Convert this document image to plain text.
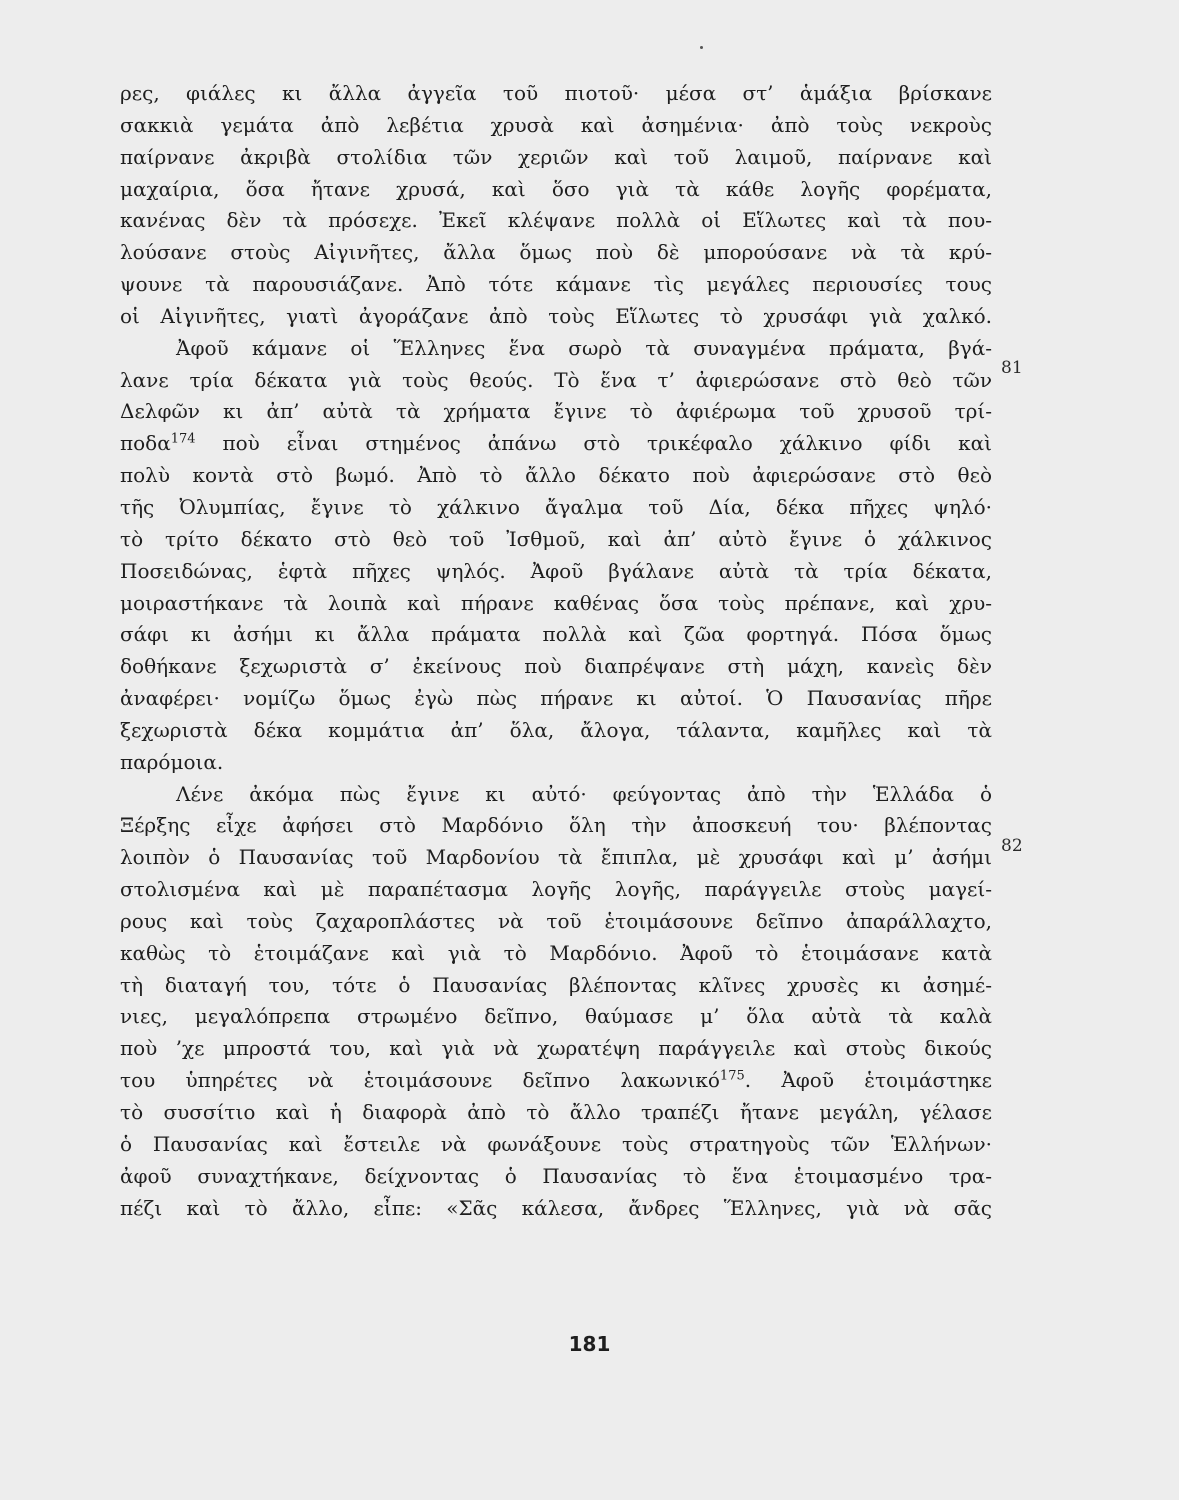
ρες, φιάλες κι ἄλλα ἀγγεῖα τοῦ πιοτοῦ· μέσα στ’ ἁμάξια βρίσκανε
σακκιὰ γεμάτα ἀπὸ λεβέτια χρυσὰ καὶ ἀσημένια· ἀπὸ τοὺς νεκροὺς
παίρνανε ἀκριβὰ στολίδια τῶν χεριῶν καὶ τοῦ λαιμοῦ, παίρνανε καὶ
μαχαίρια, ὅσα ἤτανε χρυσά, καὶ ὅσο γιὰ τὰ κάθε λογῆς φορέματα,
κανένας δὲν τὰ πρόσεχε. Ἐκεῖ κλέψανε πολλὰ οἱ Εἵλωτες καὶ τὰ που-
λούσανε στοὺς Αἰγινῆτες, ἄλλα ὅμως ποὺ δὲ μπορούσανε νὰ τὰ κρύ-
ψουνε τὰ παρουσιάζανε. Ἀπὸ τότε κάμανε τὶς μεγάλες περιουσίες τους
οἱ Αἰγινῆτες, γιατὶ ἀγοράζανε ἀπὸ τοὺς Εἵλωτες τὸ χρυσάφι γιὰ χαλκό.
Ἀφοῦ κάμανε οἱ Ἕλληνες ἕνα σωρὸ τὰ συναγμένα πράματα, βγά-
λανε τρία δέκατα γιὰ τοὺς θεούς. Τὸ ἕνα τ’ ἀφιερώσανε στὸ θεὸ τῶν
Δελφῶν κι ἀπ’ αὐτὰ τὰ χρήματα ἔγινε τὸ ἀφιέρωμα τοῦ χρυσοῦ τρί-
ποδα$^{174}$ ποὺ εἶναι στημένος ἀπάνω στὸ τρικέφαλο χάλκινο φίδι καὶ
πολὺ κοντὰ στὸ βωμό. Ἀπὸ τὸ ἄλλο δέκατο ποὺ ἀφιερώσανε στὸ θεὸ
τῆς Ὀλυμπίας, ἔγινε τὸ χάλκινο ἄγαλμα τοῦ Δία, δέκα πῆχες ψηλό·
τὸ τρίτο δέκατο στὸ θεὸ τοῦ Ἰσθμοῦ, καὶ ἀπ’ αὐτὸ ἔγινε ὁ χάλκινος
Ποσειδώνας, ἑφτὰ πῆχες ψηλός. Ἀφοῦ βγάλανε αὐτὰ τὰ τρία δέκατα,
μοιραστήκανε τὰ λοιπὰ καὶ πήρανε καθένας ὅσα τοὺς πρέπανε, καὶ χρυ-
σάφι κι ἀσήμι κι ἄλλα πράματα πολλὰ καὶ ζῶα φορτηγά. Πόσα ὅμως
δοθήκανε ξεχωριστὰ σ’ ἐκείνους ποὺ διαπρέψανε στὴ μάχη, κανεὶς δὲν
ἀναφέρει· νομίζω ὅμως ἐγὼ πὼς πήρανε κι αὐτοί. Ὁ Παυσανίας πῆρε
ξεχωριστὰ δέκα κομμάτια ἀπ’ ὅλα, ἄλογα, τάλαντα, καμῆλες καὶ τὰ
παρόμοια.
Λένε ἀκόμα πὼς ἔγινε κι αὐτό· φεύγοντας ἀπὸ τὴν Ἑλλάδα ὁ
Ξέρξης εἶχε ἀφήσει στὸ Μαρδόνιο ὅλη τὴν ἀποσκευή του· βλέποντας
λοιπὸν ὁ Παυσανίας τοῦ Μαρδονίου τὰ ἔπιπλα, μὲ χρυσάφι καὶ μ’ ἀσήμι
στολισμένα καὶ μὲ παραπέτασμα λογῆς λογῆς, παράγγειλε στοὺς μαγεί-
ρους καὶ τοὺς ζαχαροπλάστες νὰ τοῦ ἑτοιμάσουνε δεῖπνο ἀπαράλλαχτο,
καθὼς τὸ ἑτοιμάζανε καὶ γιὰ τὸ Μαρδόνιο. Ἀφοῦ τὸ ἑτοιμάσανε κατὰ
τὴ διαταγή του, τότε ὁ Παυσανίας βλέποντας κλῖνες χρυσὲς κι ἀσημέ-
νιες, μεγαλόπρεπα στρωμένο δεῖπνο, θαύμασε μ’ ὅλα αὐτὰ τὰ καλὰ
ποὺ ’χε μπροστά του, καὶ γιὰ νὰ χωρατέψη παράγγειλε καὶ στοὺς δικούς
του ὑπηρέτες νὰ ἑτοιμάσουνε δεῖπνο λακωνικό$^{175}$. Ἀφοῦ ἑτοιμάστηκε
τὸ συσσίτιο καὶ ἡ διαφορὰ ἀπὸ τὸ ἄλλο τραπέζι ἤτανε μεγάλη, γέλασε
ὁ Παυσανίας καὶ ἔστειλε νὰ φωνάξουνε τοὺς στρατηγοὺς τῶν Ἑλλήνων·
ἀφοῦ συναχτήκανε, δείχνοντας ὁ Παυσανίας τὸ ἕνα ἑτοιμασμένο τρα-
πέζι καὶ τὸ ἄλλο, εἶπε: «Σᾶς κάλεσα, ἄνδρες Ἕλληνες, γιὰ νὰ σᾶς
81
82
181
